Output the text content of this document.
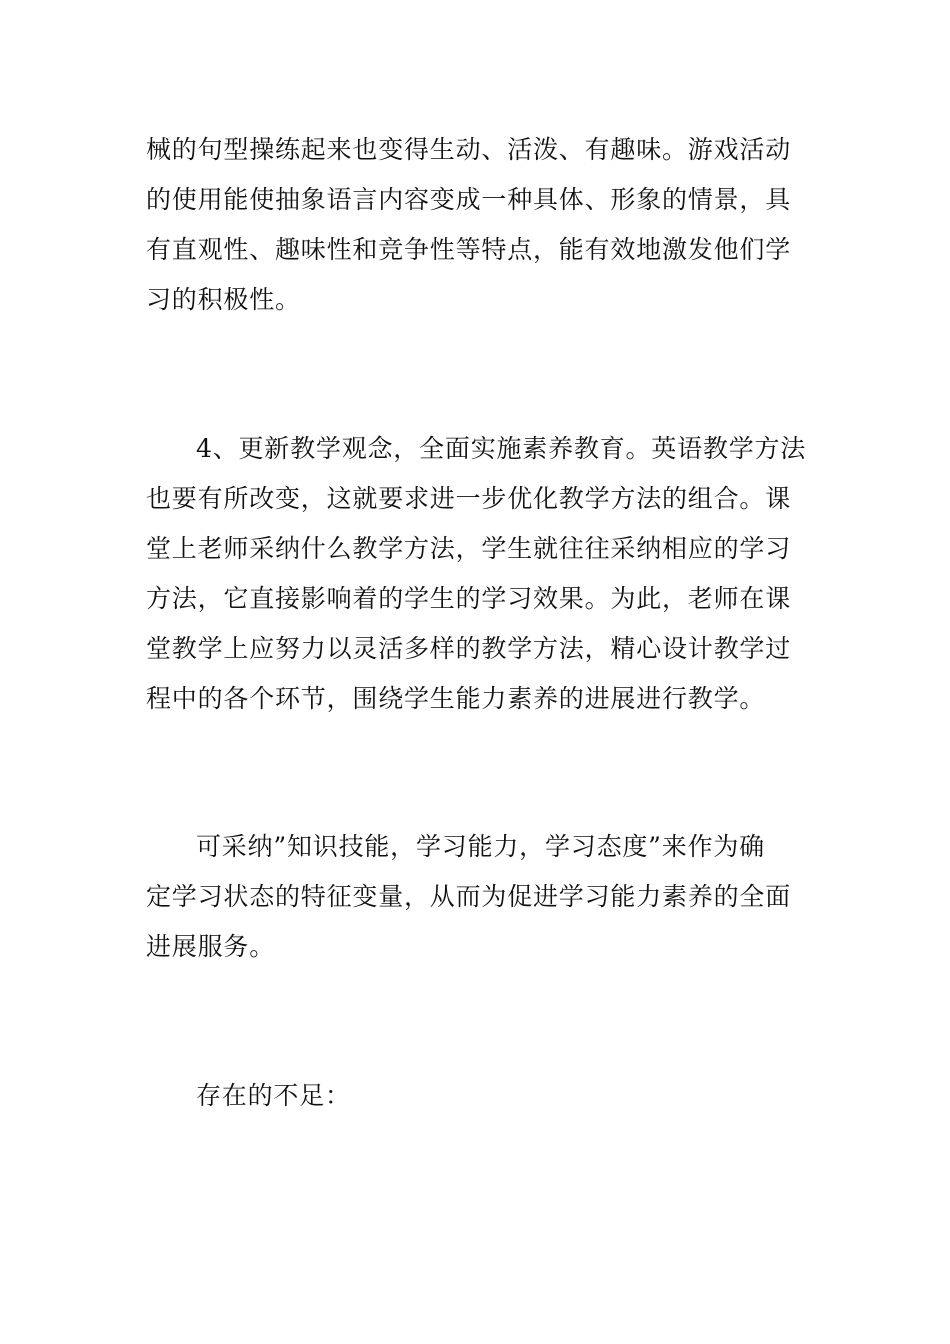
械的句型操练起来也变得生动、活泼、有趣味。游戏活动
的使用能使抽象语言内容变成一种具体、形象的情景，具
有直观性、趣味性和竞争性等特点，能有效地激发他们学
习的积极性。
4、更新教学观念，全面实施素养教育。英语教学方法
也要有所改变，这就要求进一步优化教学方法的组合。课
堂上老师采纳什么教学方法，学生就往往采纳相应的学习
方法，它直接影响着的学生的学习效果。为此，老师在课
堂教学上应努力以灵活多样的教学方法，精心设计教学过
程中的各个环节，围绕学生能力素养的进展进行教学。
可采纳”知识技能，学习能力，学习态度”来作为确
定学习状态的特征变量，从而为促进学习能力素养的全面
进展服务。
存在的不足：
